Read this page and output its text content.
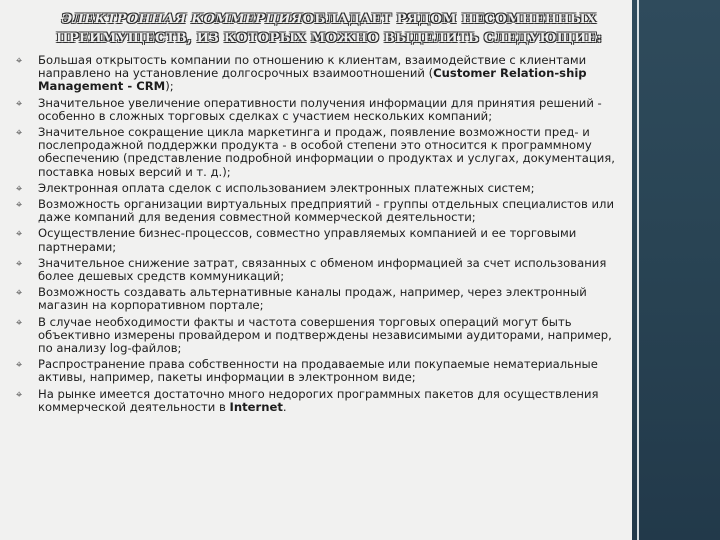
ЭЛЕКТРОННАЯ КОММЕРЦИЯОБЛАДАЕТ РЯДОМ НЕСОМНЕННЫХ
ПРЕИМУЩЕСТВ, ИЗ КОТОРЫХ МОЖНО ВЫДЕЛИТЬ СЛЕДУЮЩИЕ:
⌖ Большая открытость компании по отношению к клиентам, взаимодействие с клиентами направлено на установление долгосрочных взаимоотношений (Customer Relation-ship Management - CRM);
⌖ Значительное увеличение оперативности получения информации для принятия решений - особенно в сложных торговых сделках с участием нескольких компаний;
⌖ Значительное сокращение цикла маркетинга и продаж, появление возможности пред- и послепродажной поддержки продукта - в особой степени это относится к программному обеспечению (представление подробной информации о продуктах и услугах, документация, поставка новых версий и т. д.);
⌖ Электронная оплата сделок с использованием электронных платежных систем;
⌖ Возможность организации виртуальных предприятий - группы отдельных специалистов или даже компаний для ведения совместной коммерческой деятельности;
⌖ Осуществление бизнес-процессов, совместно управляемых компанией и ее торговыми партнерами;
⌖ Значительное снижение затрат, связанных с обменом информацией за счет использования более дешевых средств коммуникаций;
⌖ Возможность создавать альтернативные каналы продаж, например, через электронный магазин на корпоративном портале;
⌖ В случае необходимости факты и частота совершения торговых операций могут быть объективно измерены провайдером и подтверждены независимыми аудиторами, например, по анализу log-файлов;
⌖ Распространение права собственности на продаваемые или покупаемые нематериальные активы, например, пакеты информации в электронном виде;
⌖ На рынке имеется достаточно много недорогих программных пакетов для осуществления коммерческой деятельности в Internet.
